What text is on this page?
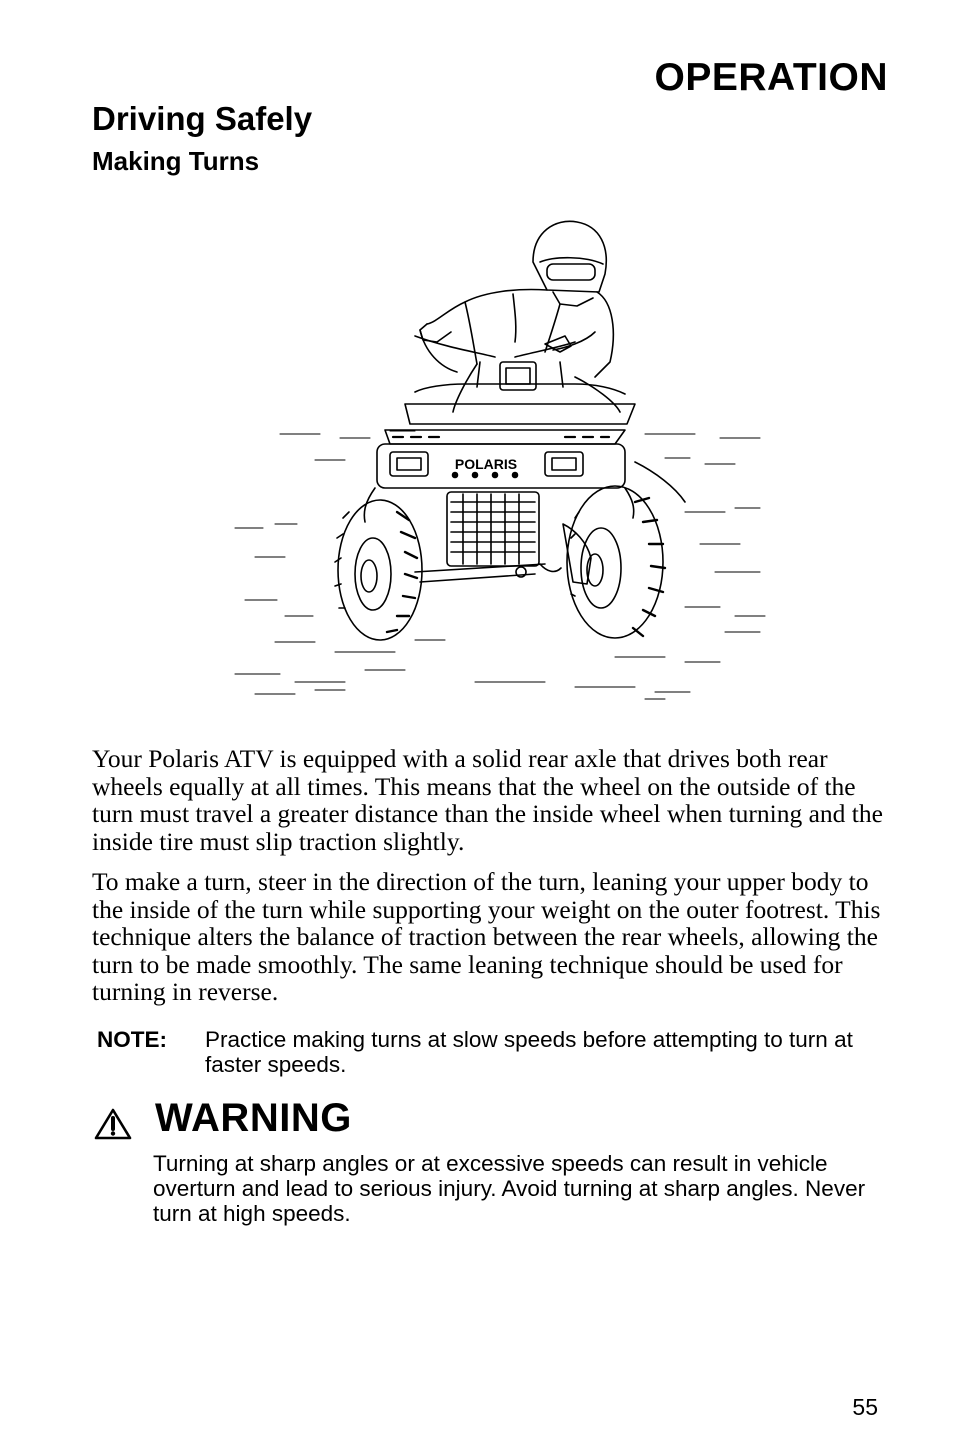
OPERATION
Driving Safely
Making Turns
POLARIS
Your Polaris ATV is equipped with a solid rear axle that drives both rear wheels equally at all times. This means that the wheel on the outside of the turn must travel a greater distance than the inside wheel when turning and the inside tire must slip traction slightly.
To make a turn, steer in the direction of the turn, leaning your upper body to the inside of the turn while supporting your weight on the outer footrest. This technique alters the balance of traction between the rear wheels, allowing the turn to be made smoothly. The same leaning technique should be used for turning in reverse.
NOTE: Practice making turns at slow speeds before attempting to turn at faster speeds.
WARNING
Turning at sharp angles or at excessive speeds can result in vehicle overturn and lead to serious injury. Avoid turning at sharp angles. Never turn at high speeds.
55
